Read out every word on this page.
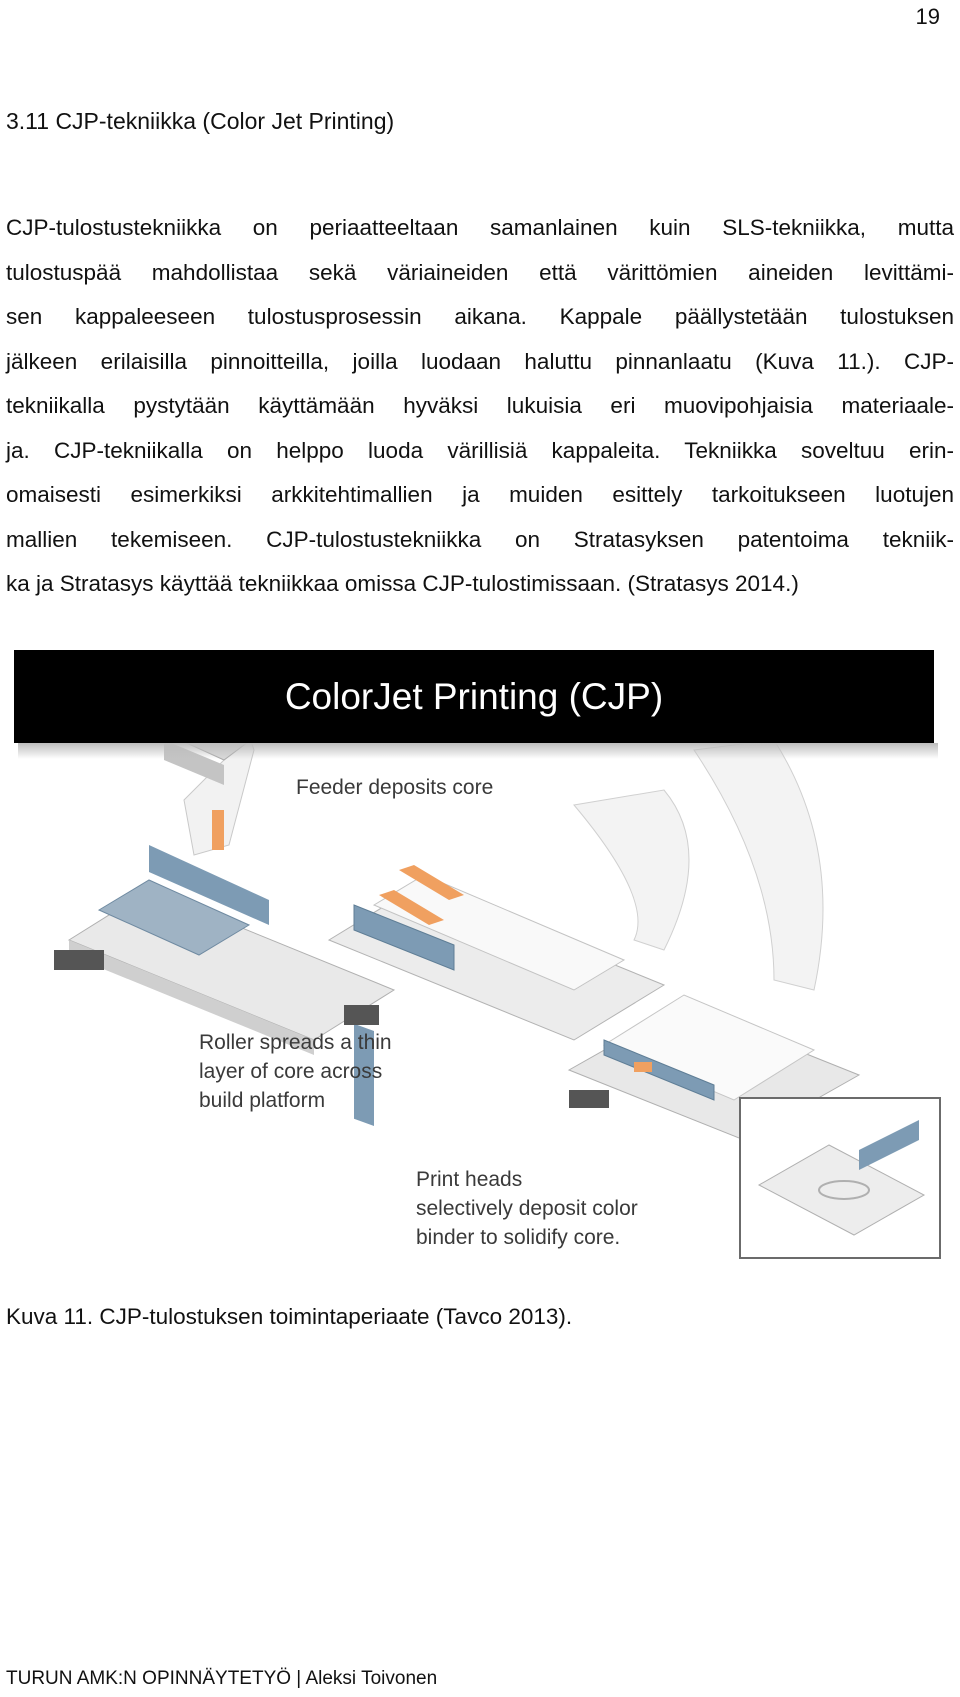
19
3.11 CJP-tekniikka (Color Jet Printing)
CJP-tulostustekniikka on periaatteeltaan samanlainen kuin SLS-tekniikka, mutta
tulostuspää mahdollistaa sekä väriaineiden että värittömien aineiden levittämi-
sen kappaleeseen tulostusprosessin aikana. Kappale päällystetään tulostuksen
jälkeen erilaisilla pinnoitteilla, joilla luodaan haluttu pinnanlaatu (Kuva 11.). CJP-
tekniikalla pystytään käyttämään hyväksi lukuisia eri muovipohjaisia materiaale-
ja. CJP-tekniikalla on helppo luoda värillisiä kappaleita. Tekniikka soveltuu erin-
omaisesti esimerkiksi arkkitehtimallien ja muiden esittely tarkoitukseen luotujen
mallien tekemiseen. CJP-tulostustekniikka on Stratasyksen patentoima tekniik-
ka ja Stratasys käyttää tekniikkaa omissa CJP-tulostimissaan. (Stratasys 2014.)
ColorJet Printing (CJP)
Feeder deposits core
Roller spreads a thin
layer of core across
build platform
Print heads
selectively deposit color
binder to solidify core.
Kuva 11. CJP-tulostuksen toimintaperiaate (Tavco 2013).
TURUN AMK:N OPINNÄYTETYÖ | Aleksi Toivonen
